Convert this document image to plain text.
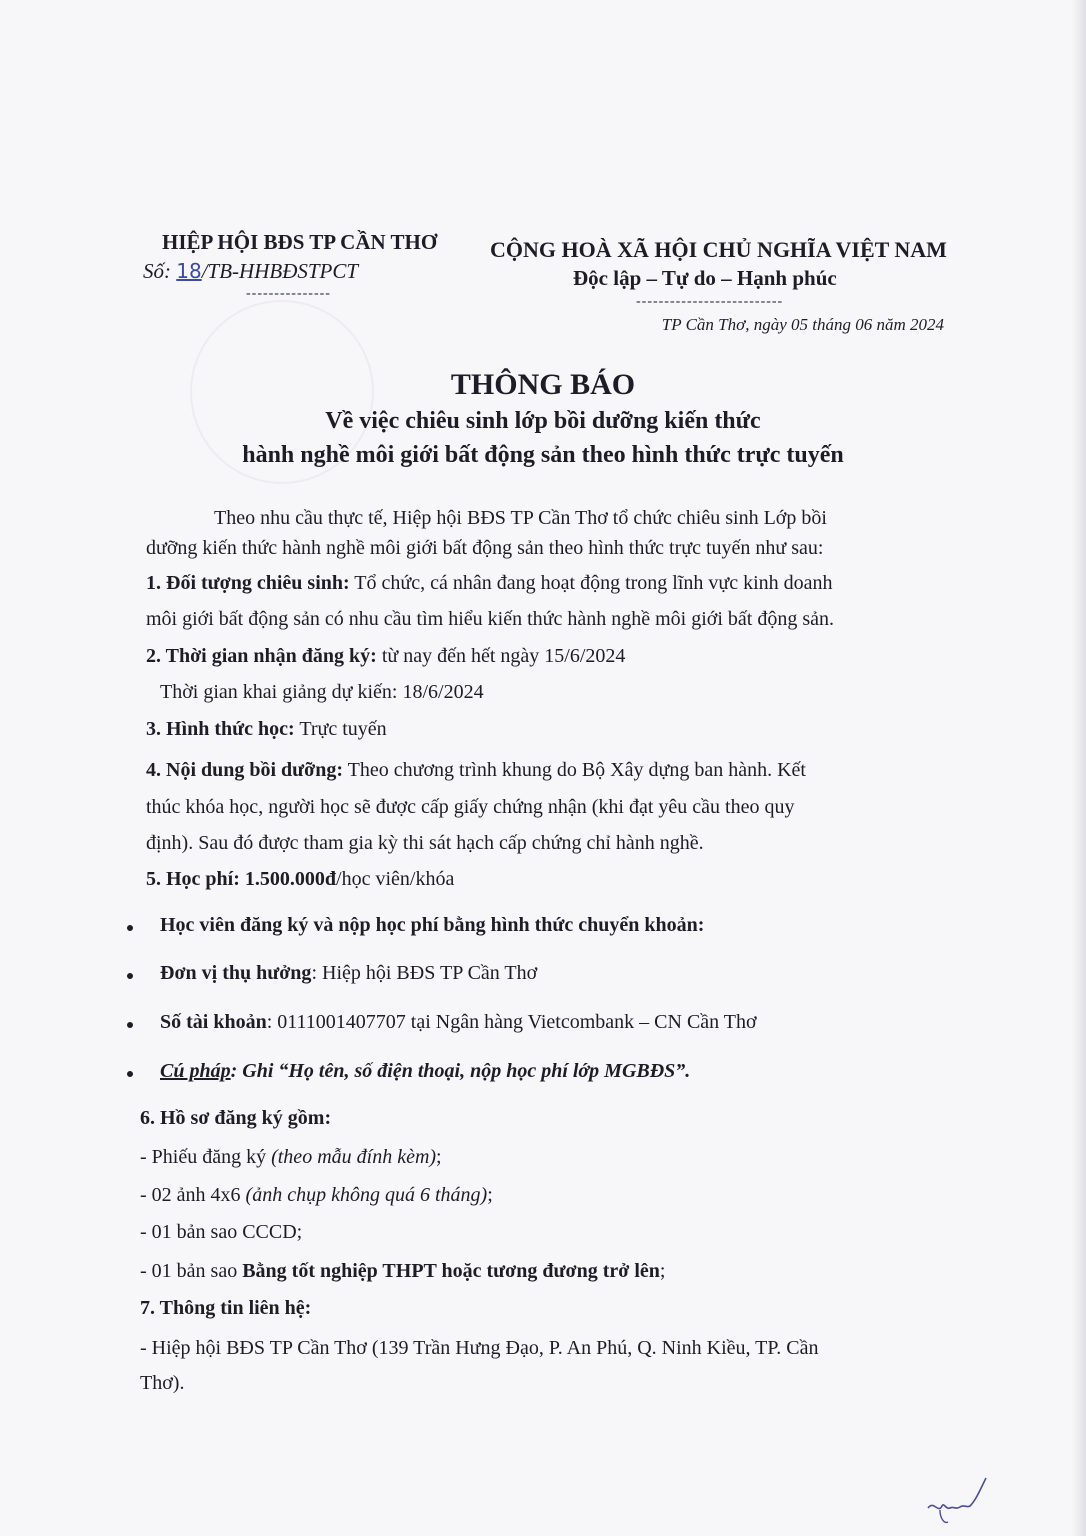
HIỆP HỘI BĐS TP CẦN THƠ
Số: 18/TB-HHBĐSTPCT
---------------
CỘNG HOÀ XÃ HỘI CHỦ NGHĨA VIỆT NAM
Độc lập – Tự do – Hạnh phúc
--------------------------
TP Cần Thơ, ngày 05 tháng 06 năm 2024
THÔNG BÁO
Về việc chiêu sinh lớp bồi dưỡng kiến thức
hành nghề môi giới bất động sản theo hình thức trực tuyến
Theo nhu cầu thực tế, Hiệp hội BĐS TP Cần Thơ tổ chức chiêu sinh Lớp bồi
dưỡng kiến thức hành nghề môi giới bất động sản theo hình thức trực tuyến như sau:
1. Đối tượng chiêu sinh: Tổ chức, cá nhân đang hoạt động trong lĩnh vực kinh doanh
môi giới bất động sản có nhu cầu tìm hiểu kiến thức hành nghề môi giới bất động sản.
2. Thời gian nhận đăng ký: từ nay đến hết ngày 15/6/2024
Thời gian khai giảng dự kiến: 18/6/2024
3. Hình thức học: Trực tuyến
4. Nội dung bồi dưỡng: Theo chương trình khung do Bộ Xây dựng ban hành. Kết
thúc khóa học, người học sẽ được cấp giấy chứng nhận (khi đạt yêu cầu theo quy
định). Sau đó được tham gia kỳ thi sát hạch cấp chứng chỉ hành nghề.
5. Học phí: 1.500.000đ/học viên/khóa
Học viên đăng ký và nộp học phí bằng hình thức chuyển khoản:
Đơn vị thụ hưởng: Hiệp hội BĐS TP Cần Thơ
Số tài khoản: 0111001407707 tại Ngân hàng Vietcombank – CN Cần Thơ
Cú pháp: Ghi “Họ tên, số điện thoại, nộp học phí lớp MGBĐS”.
6. Hồ sơ đăng ký gồm:
- Phiếu đăng ký (theo mẫu đính kèm);
- 02 ảnh 4x6 (ảnh chụp không quá 6 tháng);
- 01 bản sao CCCD;
- 01 bản sao Bằng tốt nghiệp THPT hoặc tương đương trở lên;
7. Thông tin liên hệ:
- Hiệp hội BĐS TP Cần Thơ (139 Trần Hưng Đạo, P. An Phú, Q. Ninh Kiều, TP. Cần
Thơ).
